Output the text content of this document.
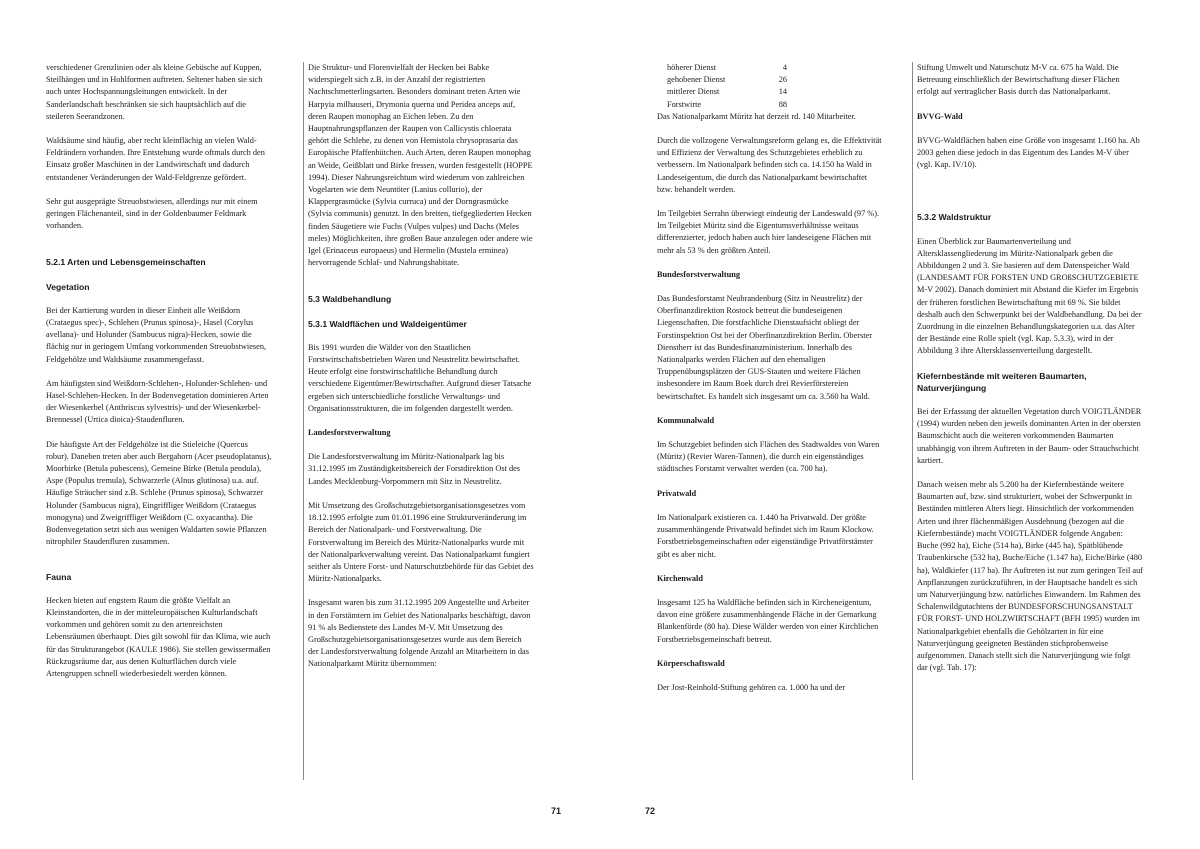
verschiedener Grenzlinien oder als kleine Gebüsche auf Kuppen, Steilhängen und in Hohlformen auftreten. Seltener haben sie sich auch unter Hochspannungsleitungen entwickelt. In der Sanderlandschaft beschränken sie sich hauptsächlich auf die steileren Seerandzonen.

Waldsäume sind häufig, aber recht kleinflächig an vielen Wald-Feldrändern vorhanden. Ihre Entstehung wurde oftmals durch den Einsatz großer Maschinen in der Landwirtschaft und dadurch entstandener Veränderungen der Wald-Feldgrenze gefördert.

Sehr gut ausgeprägte Streuobstwiesen, allerdings nur mit einem geringen Flächenanteil, sind in der Goldenbaumer Feldmark vorhanden.

5.2.1 Arten und Lebensgemeinschaften
Vegetation

Bei der Kartierung wurden in dieser Einheit alle Weißdorn (Crataegus spec)-, Schlehen (Prunus spinosa)-, Hasel (Corylus avellana)- und Holunder (Sambucus nigra)-Hecken, sowie die flächig nur in geringem Umfang vorkommenden Streuobstwiesen, Feldgehölze und Waldsäume zusammengefasst.

Am häufigsten sind Weißdorn-Schlehen-, Holunder-Schlehen- und Hasel-Schlehen-Hecken. In der Bodenvegetation dominieren Arten der Wiesenkerbel (Anthriscus sylvestris)- und der Wiesenkerbel-Brennessel (Urtica dioica)-Staudenfluren.

Die häufigste Art der Feldgehölze ist die Stieleiche (Quercus robur). Daneben treten aber auch Bergahorn (Acer pseudoplatanus), Moorbirke (Betula pubescens), Gemeine Birke (Betula pendula), Aspe (Populus tremula), Schwarzerle (Alnus glutinosa) u.a. auf. Häufige Sträucher sind z.B. Schlehe (Prunus spinosa), Schwarzer Holunder (Sambucus nigra), Eingriffliger Weißdorn (Crataegus monogyna) und Zweigriffliger Weißdorn (C. oxyacantha). Die Bodenvegetation setzt sich aus wenigen Waldarten sowie Pflanzen nitrophiler Staudenfluren zusammen.

Fauna

Hecken bieten auf engstem Raum die größte Vielfalt an Kleinstandorten, die in der mitteleuropäischen Kulturlandschaft vorkommen und gehören somit zu den artenreichsten Lebensräumen überhaupt. Dies gilt sowohl für das Klima, wie auch für das Strukturangebot (KAULE 1986). Sie stellen gewissermaßen Rückzugsräume dar, aus denen Kulturflächen durch viele Artengruppen schnell wiederbesiedelt werden können.

Die Struktur- und Florenvielfalt der Hecken bei Babke widerspiegelt sich z.B. in der Anzahl der registrierten Nachtschmetterlingsarten. Besonders dominant treten Arten wie Harpyia milhauseri, Drymonia querna und Peridea anceps auf, deren Raupen monophag an Eichen leben. Zu den Hauptnahrungspflanzen der Raupen von Callicystis chloerata gehört die Schlehe, zu denen von Hemistola chrysoprasaria das Europäische Pfaffenhütchen. Auch Arten, deren Raupen monophag an Weide, Geißblatt und Birke fressen, wurden festgestellt (HOPPE 1994). Dieser Nahrungsreichtum wird wiederum von zahlreichen Vogelarten wie dem Neuntöter (Lanius collurio), der Klappergrasmücke (Sylvia curruca) und der Dorngrasmücke (Sylvia communis) genutzt. In den breiten, tiefgegliederten Hecken finden Säugetiere wie Fuchs (Vulpes vulpes) und Dachs (Meles meles) Möglichkeiten, ihre großen Baue anzulegen oder andere wie Igel (Erinaceus europaeus) und Hermelin (Mustela erminea) hervorragende Schlaf- und Nahrungshabitate.

5.3 Waldbehandlung
5.3.1 Waldflächen und Waldeigentümer

Bis 1991 wurden die Wälder von den Staatlichen Forstwirtschaftsbetrieben Waren und Neustrelitz bewirtschaftet. Heute erfolgt eine forstwirtschaftliche Behandlung durch verschiedene Eigentümer/Bewirtschafter. Aufgrund dieser Tatsache ergeben sich unterschiedliche forstliche Verwaltungs- und Organisationsstrukturen, die im folgenden dargestellt werden.

Landesforstverwaltung

Die Landesforstverwaltung im Müritz-Nationalpark lag bis 31.12.1995 im Zuständigkeitsbereich der Forstdirektion Ost des Landes Mecklenburg-Vorpommern mit Sitz in Neustrelitz.

Mit Umsetzung des Großschutzgebietsorganisationsgesetzes vom 18.12.1995 erfolgte zum 01.01.1996 eine Strukturveränderung im Bereich der Nationalpark- und Forstverwaltung. Die Forstverwaltung im Bereich des Müritz-Nationalparks wurde mit der Nationalparkverwaltung vereint. Das Nationalparkamt fungiert seither als Untere Forst- und Naturschutzbehörde für das Gebiet des Müritz-Nationalparks.

Insgesamt waren bis zum 31.12.1995 209 Angestellte und Arbeiter in den Forstämtern im Gebiet des Nationalparks beschäftigt, davon 91 % als Bedienstete des Landes M-V. Mit Umsetzung des Großschutzgebietsorganisationsgesetzes wurde aus dem Bereich der Landesforstverwaltung folgende Anzahl an Mitarbeitern in das Nationalparkamt Müritz übernommen:

71	72
höherer Dienst	4
gehobener Dienst	26
mittlerer Dienst	14
Forstwirte	88

Das Nationalparkamt Müritz hat derzeit rd. 140 Mitarbeiter.

Durch die vollzogene Verwaltungsreform gelang es, die Effektivität und Effizienz der Verwaltung des Schutzgebietes erheblich zu verbessern. Im Nationalpark befinden sich ca. 14.150 ha Wald in Landeseigentum, die durch das Nationalparkamt bewirtschaftet bzw. behandelt werden.

Im Teilgebiet Serrahn überwiegt eindeutig der Landeswald (97 %). Im Teilgebiet Müritz sind die Eigentumsverhältnisse weitaus differenzierter, jedoch haben auch hier landeseigene Flächen mit mehr als 53 % den größten Anteil.

Bundesforstverwaltung

Das Bundesforstamt Neubrandenburg (Sitz in Neustrelitz) der Oberfinanzdirektion Rostock betreut die bundeseigenen Liegenschaften. Die forstfachliche Dienstaufsicht obliegt der Forstinspektion Ost bei der Oberfinanzdirektion Berlin. Oberster Dienstherr ist das Bundesfinanzministerium. Innerhalb des Nationalparks werden Flächen auf den ehemaligen Truppenübungsplätzen der GUS-Staaten und weitere Flächen insbesondere im Raum Boek durch drei Revierförstereien bewirtschaftet. Es handelt sich insgesamt um ca. 3.560 ha Wald.

Kommunalwald

Im Schutzgebiet befinden sich Flächen des Stadtwaldes von Waren (Müritz) (Revier Waren-Tannen), die durch ein eigenständiges städtisches Forstamt verwaltet werden (ca. 700 ha).

Privatwald

Im Nationalpark existieren ca. 1.440 ha Privatwald. Der größte zusammenhängende Privatwald befindet sich im Raum Klockow. Forstbetriebsgemeinschaften oder eigenständige Privatförstämter gibt es aber nicht.

Kirchenwald

Insgesamt 125 ha Waldfläche befinden sich in Kircheneigentum, davon eine größere zusammenhängende Fläche in der Gemarkung Blankenförde (80 ha). Diese Wälder werden von einer Kirchlichen Forstbetriebsgemeinschaft betreut.

Körperschaftswald

Der Jost-Reinhold-Stiftung gehören ca. 1.000 ha und der

Stiftung Umwelt und Naturschutz M-V ca. 675 ha Wald. Die Betreuung einschließlich der Bewirtschaftung dieser Flächen erfolgt auf vertraglicher Basis durch das Nationalparkamt.

BVVG-Wald

BVVG-Waldflächen haben eine Größe von insgesamt 1.160 ha. Ab 2003 gehen diese jedoch in das Eigentum des Landes M-V über (vgl. Kap. IV/10).

5.3.2 Waldstruktur

Einen Überblick zur Baumartenverteilung und Altersklassengliederung im Müritz-Nationalpark geben die Abbildungen 2 und 3. Sie basieren auf dem Datenspeicher Wald (LANDESAMT FÜR FORSTEN UND GROßSCHUTZGEBIETE M-V 2002). Danach dominiert mit Abstand die Kiefer im Ergebnis der früheren forstlichen Bewirtschaftung mit 69 %. Sie bildet deshalb auch den Schwerpunkt bei der Waldbehandlung. Da bei der Zuordnung in die einzelnen Behandlungskategorien u.a. das Alter der Bestände eine Rolle spielt (vgl. Kap. 5.3.3), wird in der Abbildung 3 ihre Altersklassenverteilung dargestellt.

Kiefernbestände mit weiteren Baumarten, Naturverjüngung

Bei der Erfassung der aktuellen Vegetation durch VOIGTLÄNDER (1994) wurden neben den jeweils dominanten Arten in der obersten Baumschicht auch die weiteren vorkommenden Baumarten unabhängig von ihrem Auftreten in der Baum- oder Strauchschicht kartiert.

Danach weisen mehr als 5.200 ha der Kiefernbestände weitere Baumarten auf, bzw. sind strukturiert, wobei der Schwerpunkt in Beständen mittleren Alters liegt. Hinsichtlich der vorkommenden Arten und ihrer flächenmäßigen Ausdehnung (bezogen auf die Kiefernbestände) macht VOIGTLÄNDER folgende Angaben: Buche (992 ha), Eiche (514 ha), Birke (445 ha), Spätblühende Traubenkirsche (532 ha), Buche/Eiche (1.147 ha), Eiche/Birke (480 ha), Waldkiefer (117 ha). Ihr Auftreten ist nur zum geringen Teil auf Anpflanzungen zurückzuführen, in der Hauptsache handelt es sich um Naturverjüngung bzw. natürliches Einwandern. Im Rahmen des Schalenwildgutachtens der BUNDESFORSCHUNGSANSTALT FÜR FORST- UND HOLZWIRTSCHAFT (BFH 1995) wurden im Nationalparkgebiet ebenfalls die Gehölzarten in für eine Naturverjüngung geeigneten Beständen stichprobenweise aufgenommen. Danach stellt sich die Naturverjüngung wie folgt dar (vgl. Tab. 17):
